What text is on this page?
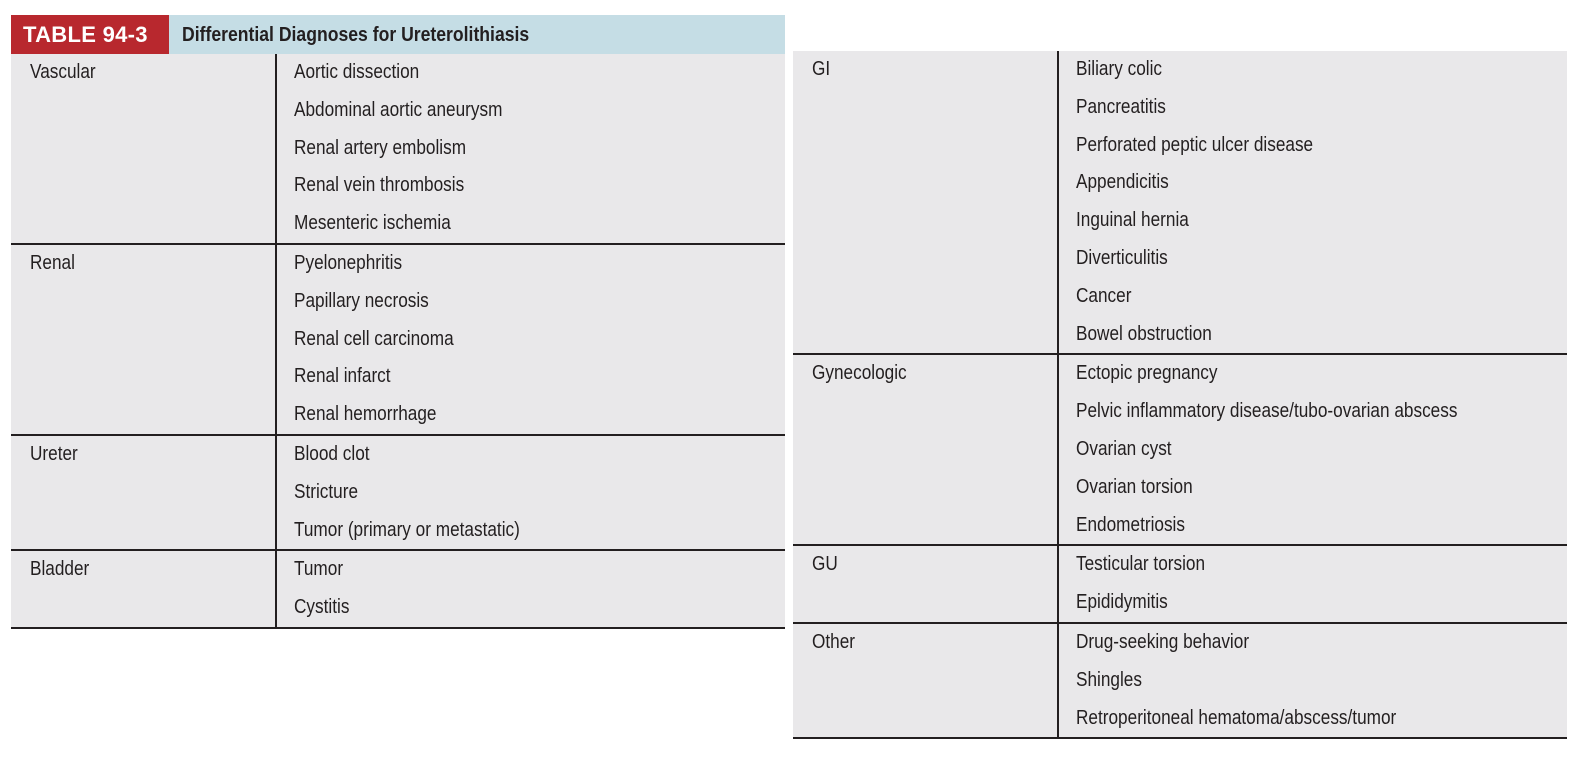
TABLE 94-3	Differential Diagnoses for Ureterolithiasis
Vascular	Aortic dissection
Abdominal aortic aneurysm
Renal artery embolism
Renal vein thrombosis
Mesenteric ischemia
Renal	Pyelonephritis
Papillary necrosis
Renal cell carcinoma
Renal infarct
Renal hemorrhage
Ureter	Blood clot
Stricture
Tumor (primary or metastatic)
Bladder	Tumor
Cystitis
GI	Biliary colic
Pancreatitis
Perforated peptic ulcer disease
Appendicitis
Inguinal hernia
Diverticulitis
Cancer
Bowel obstruction
Gynecologic	Ectopic pregnancy
Pelvic inflammatory disease/tubo-ovarian abscess
Ovarian cyst
Ovarian torsion
Endometriosis
GU	Testicular torsion
Epididymitis
Other	Drug-seeking behavior
Shingles
Retroperitoneal hematoma/abscess/tumor
